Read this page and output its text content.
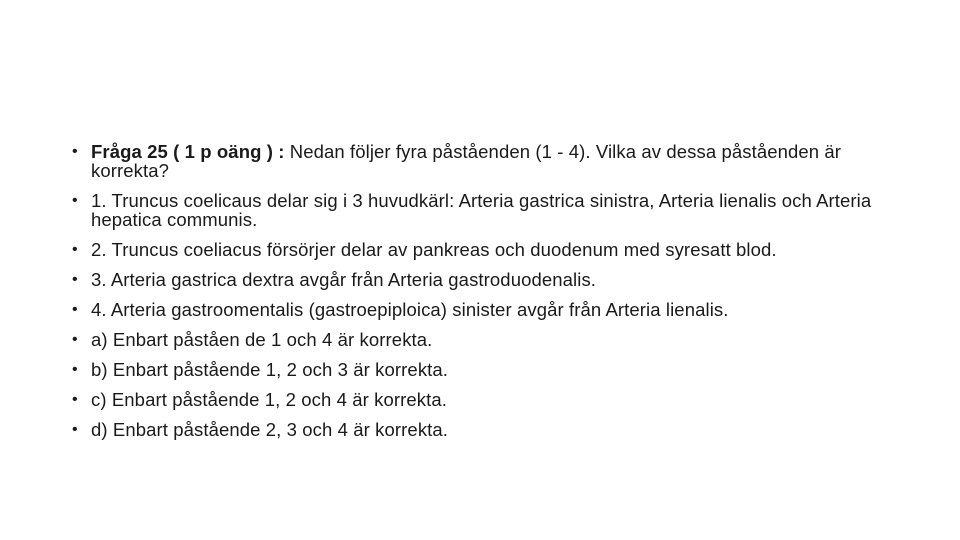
• Fråga 25 ( 1 p oäng ) : Nedan följer fyra påståenden (1 - 4). Vilka av dessa påståenden är korrekta?
• 1. Truncus coelicaus delar sig i 3 huvudkärl: Arteria gastrica sinistra, Arteria lienalis och Arteria hepatica communis.
• 2. Truncus coeliacus försörjer delar av pankreas och duodenum med syresatt blod.
• 3. Arteria gastrica dextra avgår från Arteria gastroduodenalis.
• 4. Arteria gastroomentalis (gastroepiploica) sinister avgår från Arteria lienalis.
• a) Enbart påståen de 1 och 4 är korrekta.
• b) Enbart påstående 1, 2 och 3 är korrekta.
• c) Enbart påstående 1, 2 och 4 är korrekta.
• d) Enbart påstående 2, 3 och 4 är korrekta.
